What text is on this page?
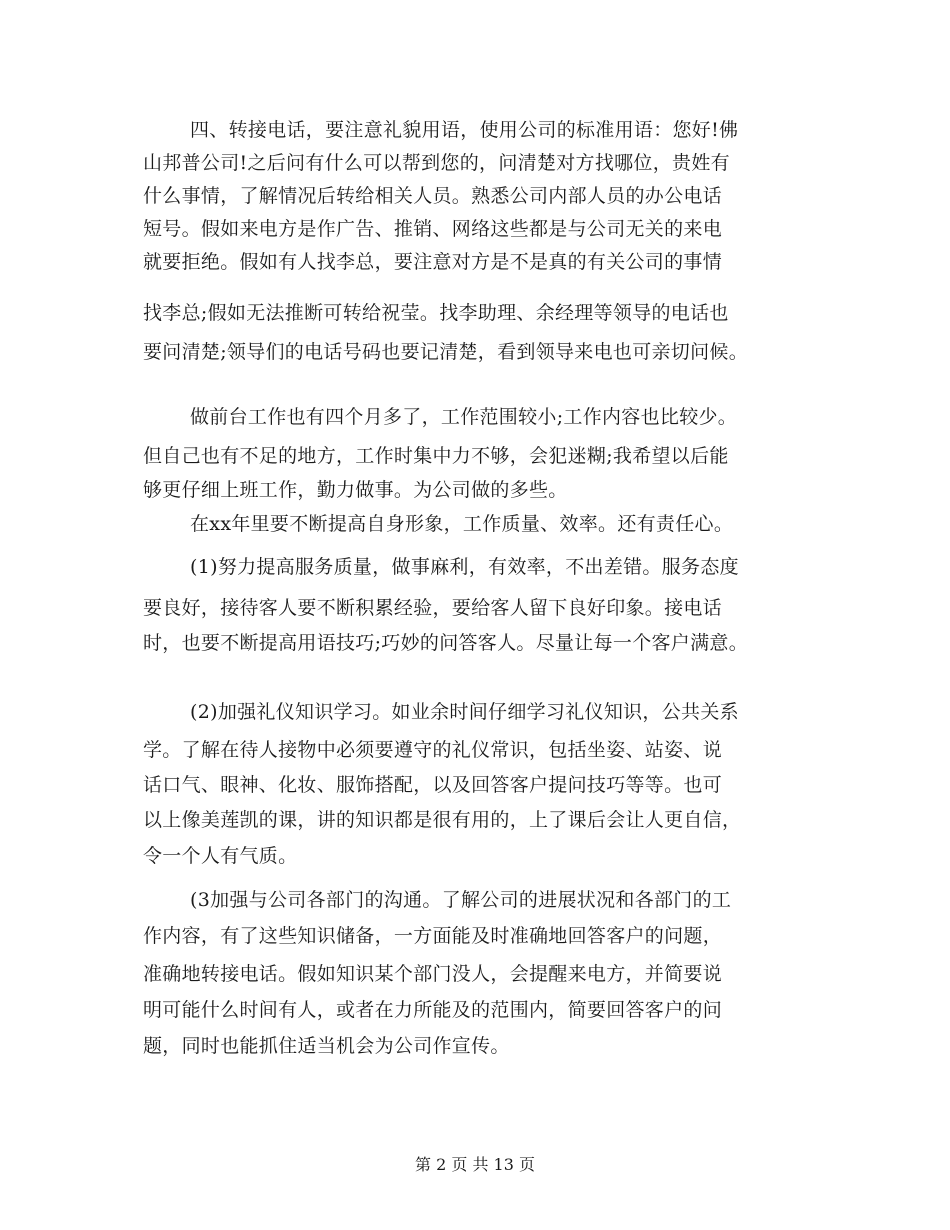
四、转接电话，要注意礼貌用语，使用公司的标准用语：您好!佛
山邦普公司!之后问有什么可以帮到您的，问清楚对方找哪位，贵姓有
什么事情，了解情况后转给相关人员。熟悉公司内部人员的办公电话
短号。假如来电方是作广告、推销、网络这些都是与公司无关的来电
就要拒绝。假如有人找李总，要注意对方是不是真的有关公司的事情
找李总;假如无法推断可转给祝莹。找李助理、余经理等领导的电话也
要问清楚;领导们的电话号码也要记清楚，看到领导来电也可亲切问候。
做前台工作也有四个月多了，工作范围较小;工作内容也比较少。
但自己也有不足的地方，工作时集中力不够，会犯迷糊;我希望以后能
够更仔细上班工作，勤力做事。为公司做的多些。
在xx年里要不断提高自身形象，工作质量、效率。还有责任心。
(1)努力提高服务质量，做事麻利，有效率，不出差错。服务态度
要良好，接待客人要不断积累经验，要给客人留下良好印象。接电话
时，也要不断提高用语技巧;巧妙的问答客人。尽量让每一个客户满意。
(2)加强礼仪知识学习。如业余时间仔细学习礼仪知识，公共关系
学。了解在待人接物中必须要遵守的礼仪常识，包括坐姿、站姿、说
话口气、眼神、化妆、服饰搭配，以及回答客户提问技巧等等。也可
以上像美莲凯的课，讲的知识都是很有用的，上了课后会让人更自信，
令一个人有气质。
(3加强与公司各部门的沟通。了解公司的进展状况和各部门的工
作内容，有了这些知识储备，一方面能及时准确地回答客户的问题，
准确地转接电话。假如知识某个部门没人，会提醒来电方，并简要说
明可能什么时间有人，或者在力所能及的范围内，简要回答客户的问
题，同时也能抓住适当机会为公司作宣传。
第 2 页 共 13 页
